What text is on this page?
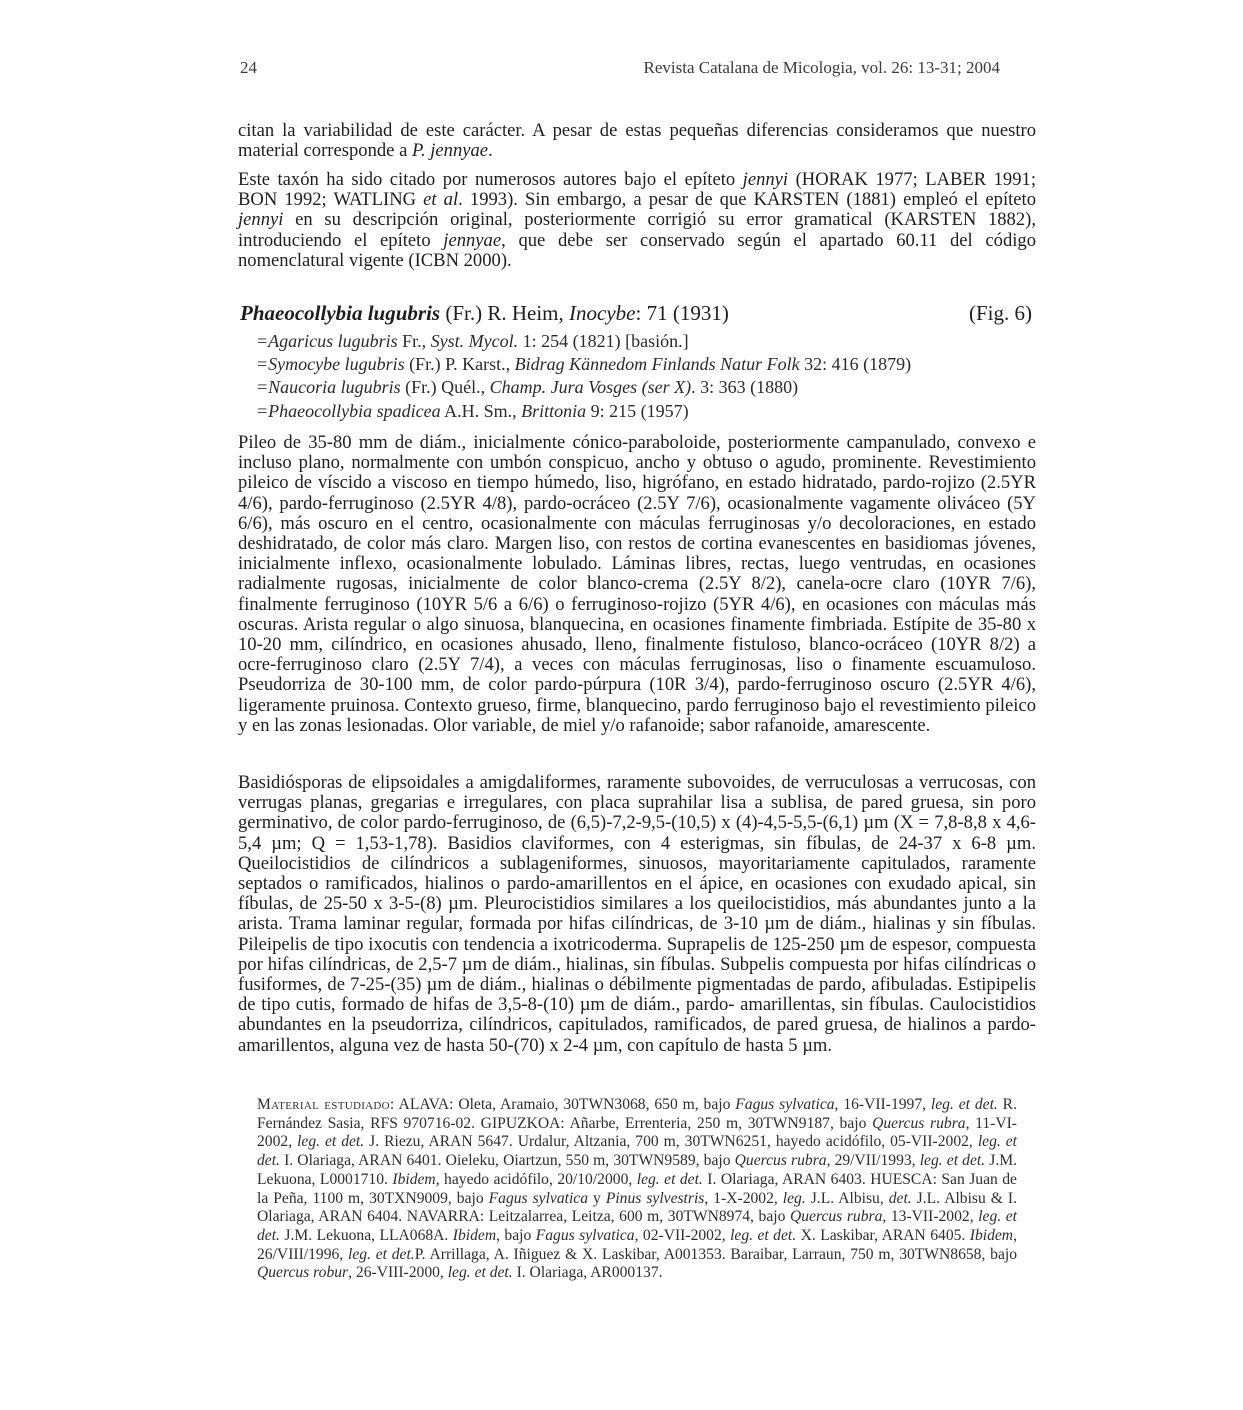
24	Revista Catalana de Micologia, vol. 26: 13-31; 2004

citan la variabilidad de este carácter. A pesar de estas pequeñas diferencias consideramos que nuestro material corresponde a P. jennyae.

Este taxón ha sido citado por numerosos autores bajo el epíteto jennyi (HORAK 1977; LABER 1991; BON 1992; WATLING et al. 1993). Sin embargo, a pesar de que KARSTEN (1881) empleó el epíteto jennyi en su descripción original, posteriormente corrigió su error gramatical (KARSTEN 1882), introduciendo el epíteto jennyae, que debe ser conservado según el apartado 60.11 del código nomenclatural vigente (ICBN 2000).

Phaeocollybia lugubris (Fr.) R. Heim, Inocybe: 71 (1931)	(Fig. 6)
=Agaricus lugubris Fr., Syst. Mycol. 1: 254 (1821) [basión.]
=Symocybe lugubris (Fr.) P. Karst., Bidrag Kännedom Finlands Natur Folk 32: 416 (1879)
=Naucoria lugubris (Fr.) Quél., Champ. Jura Vosges (ser X). 3: 363 (1880)
=Phaeocollybia spadicea A.H. Sm., Brittonia 9: 215 (1957)

Pileo de 35-80 mm de diám., inicialmente cónico-paraboloide, posteriormente campanulado, convexo e incluso plano, normalmente con umbón conspicuo, ancho y obtuso o agudo, prominente. Revestimiento pileico de víscido a viscoso en tiempo húmedo, liso, higrófano, en estado hidratado, pardo-rojizo (2.5YR 4/6), pardo-ferruginoso (2.5YR 4/8), pardo-ocráceo (2.5Y 7/6), ocasionalmente vagamente oliváceo (5Y 6/6), más oscuro en el centro, ocasionalmente con máculas ferruginosas y/o decoloraciones, en estado deshidratado, de color más claro. Margen liso, con restos de cortina evanescentes en basidiomas jóvenes, inicialmente inflexo, ocasionalmente lobulado. Láminas libres, rectas, luego ventrudas, en ocasiones radialmente rugosas, inicialmente de color blanco-crema (2.5Y 8/2), canela-ocre claro (10YR 7/6), finalmente ferruginoso (10YR 5/6 a 6/6) o ferruginoso-rojizo (5YR 4/6), en ocasiones con máculas más oscuras. Arista regular o algo sinuosa, blanquecina, en ocasiones finamente fimbriada. Estípite de 35-80 x 10-20 mm, cilíndrico, en ocasiones ahusado, lleno, finalmente fistuloso, blanco-ocráceo (10YR 8/2) a ocre-ferruginoso claro (2.5Y 7/4), a veces con máculas ferruginosas, liso o finamente escuamuloso. Pseudorriza de 30-100 mm, de color pardo-púrpura (10R 3/4), pardo-ferruginoso oscuro (2.5YR 4/6), ligeramente pruinosa. Contexto grueso, firme, blanquecino, pardo ferruginoso bajo el revestimiento pileico y en las zonas lesionadas. Olor variable, de miel y/o rafanoide; sabor rafanoide, amarescente.

Basidiósporas de elipsoidales a amigdaliformes, raramente subovoides, de verruculosas a verrucosas, con verrugas planas, gregarias e irregulares, con placa suprahilar lisa a sublisa, de pared gruesa, sin poro germinativo, de color pardo-ferruginoso, de (6,5)-7,2-9,5-(10,5) x (4)-4,5-5,5-(6,1) µm (X = 7,8-8,8 x 4,6-5,4 µm; Q = 1,53-1,78). Basidios claviformes, con 4 esterigmas, sin fíbulas, de 24-37 x 6-8 µm. Queilocistidios de cilíndricos a sublageniformes, sinuosos, mayoritariamente capitulados, raramente septados o ramificados, hialinos o pardo-amarillentos en el ápice, en ocasiones con exudado apical, sin fíbulas, de 25-50 x 3-5-(8) µm. Pleurocistidios similares a los queilocistidios, más abundantes junto a la arista. Trama laminar regular, formada por hifas cilíndricas, de 3-10 µm de diám., hialinas y sin fíbulas. Pileipelis de tipo ixocutis con tendencia a ixotricoderma. Suprapelis de 125-250 µm de espesor, compuesta por hifas cilíndricas, de 2,5-7 µm de diám., hialinas, sin fíbulas. Subpelis compuesta por hifas cilíndricas o fusiformes, de 7-25-(35) µm de diám., hialinas o débilmente pigmentadas de pardo, afibuladas. Estipipelis de tipo cutis, formado de hifas de 3,5-8-(10) µm de diám., pardo- amarillentas, sin fíbulas. Caulocistidios abundantes en la pseudorriza, cilíndricos, capitulados, ramificados, de pared gruesa, de hialinos a pardo-amarillentos, alguna vez de hasta 50-(70) x 2-4 µm, con capítulo de hasta 5 µm.

Material estudiado: ALAVA: Oleta, Aramaio, 30TWN3068, 650 m, bajo Fagus sylvatica, 16-VII-1997, leg. et det. R. Fernández Sasia, RFS 970716-02. GIPUZKOA: Añarbe, Errenteria, 250 m, 30TWN9187, bajo Quercus rubra, 11-VI-2002, leg. et det. J. Riezu, ARAN 5647. Urdalur, Altzania, 700 m, 30TWN6251, hayedo acidófilo, 05-VII-2002, leg. et det. I. Olariaga, ARAN 6401. Oieleku, Oiartzun, 550 m, 30TWN9589, bajo Quercus rubra, 29/VII/1993, leg. et det. J.M. Lekuona, L0001710. Ibidem, hayedo acidófilo, 20/10/2000, leg. et det. I. Olariaga, ARAN 6403. HUESCA: San Juan de la Peña, 1100 m, 30TXN9009, bajo Fagus sylvatica y Pinus sylvestris, 1-X-2002, leg. J.L. Albisu, det. J.L. Albisu & I. Olariaga, ARAN 6404. NAVARRA: Leitzalarrea, Leitza, 600 m, 30TWN8974, bajo Quercus rubra, 13-VII-2002, leg. et det. J.M. Lekuona, LLA068A. Ibidem, bajo Fagus sylvatica, 02-VII-2002, leg. et det. X. Laskibar, ARAN 6405. Ibidem, 26/VIII/1996, leg. et det.P. Arrillaga, A. Iñiguez & X. Laskibar, A001353. Baraibar, Larraun, 750 m, 30TWN8658, bajo Quercus robur, 26-VIII-2000, leg. et det. I. Olariaga, AR000137.
